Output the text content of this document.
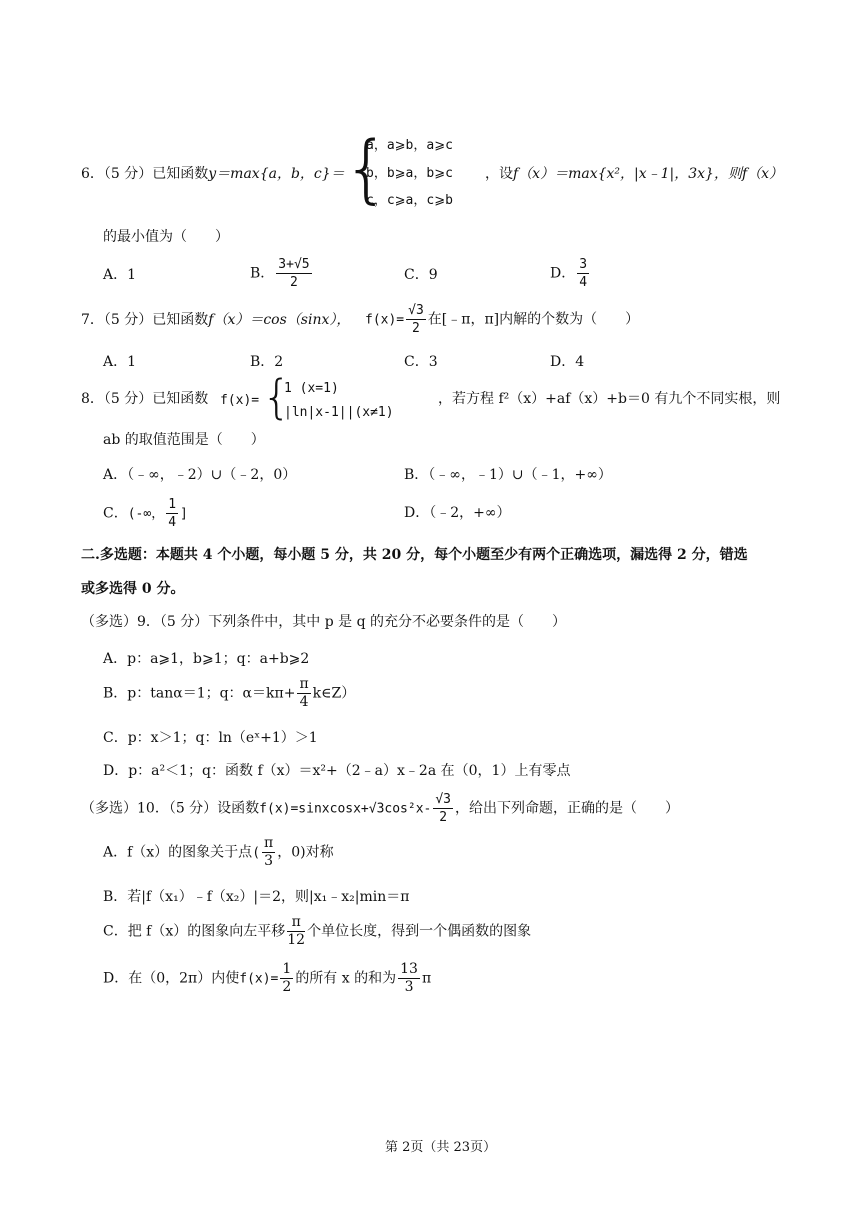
6．（5 分）已知函数y＝max{a，b，c}＝
{
a，a⩾b，a⩾c
b，b⩾a，b⩾c
c，c⩾a，c⩾b
，设f（x）＝max{x²，|x﹣1|，3x}，则f（x）
的最小值为（　　）
A．1	B． $\frac{3+√5}{2}$	C．9	D． $\frac{3}{4}$
7．（5 分）已知函数f（x）＝cos（sinx）， $f(x)= \frac{√3}{2}$ 在[﹣π，π]内解的个数为（　　）
A．1	B．2	C．3	D．4
8．（5 分）已知函数 f(x)= {
1 (x=1)
|ln|x-1||(x≠1)
，若方程 f²（x）+af（x）+b＝0 有九个不同实根，则
ab 的取值范围是（　　）
A．（﹣∞，﹣2）∪（﹣2，0）	B．（﹣∞，﹣1）∪（﹣1，+∞）
C．(-∞， $\frac{1}{4}$ ]	D．（﹣2，+∞）
二.多选题：本题共 4 个小题，每小题 5 分，共 20 分，每个小题至少有两个正确选项，漏选得 2 分，错选
或多选得 0 分。
（多选）9．（5 分）下列条件中，其中 p 是 q 的充分不必要条件的是（　　）
A．p：a⩾1，b⩾1；q：a+b⩾2
B．p：tanα＝1；q：$\alpha=k\pi+ \frac{\pi}{4}$ k∈Z）
C．p：x＞1；q：ln（eˣ+1）＞1
D．p：a²＜1；q：函数 f（x）＝x²+（2﹣a）x﹣2a 在（0，1）上有零点
（多选）10．（5 分）设函数f(x)=sinxcosx+√3cos²x- $\frac{√3}{2}$ ，给出下列命题，正确的是（　　）
A．f（x）的图象关于点( $\frac{\pi}{3}$ ，0)对称
B．若|f（x₁）﹣f（x₂）|＝2，则|x₁﹣x₂|min＝π
C．把 f（x）的图象向左平移 $\frac{\pi}{12}$ 个单位长度，得到一个偶函数的图象
D．在（0，2π）内使$f(x)= \frac{1}{2}$ 的所有 x 的和为 $\frac{13}{3}$ π
第 2页（共 23页）
